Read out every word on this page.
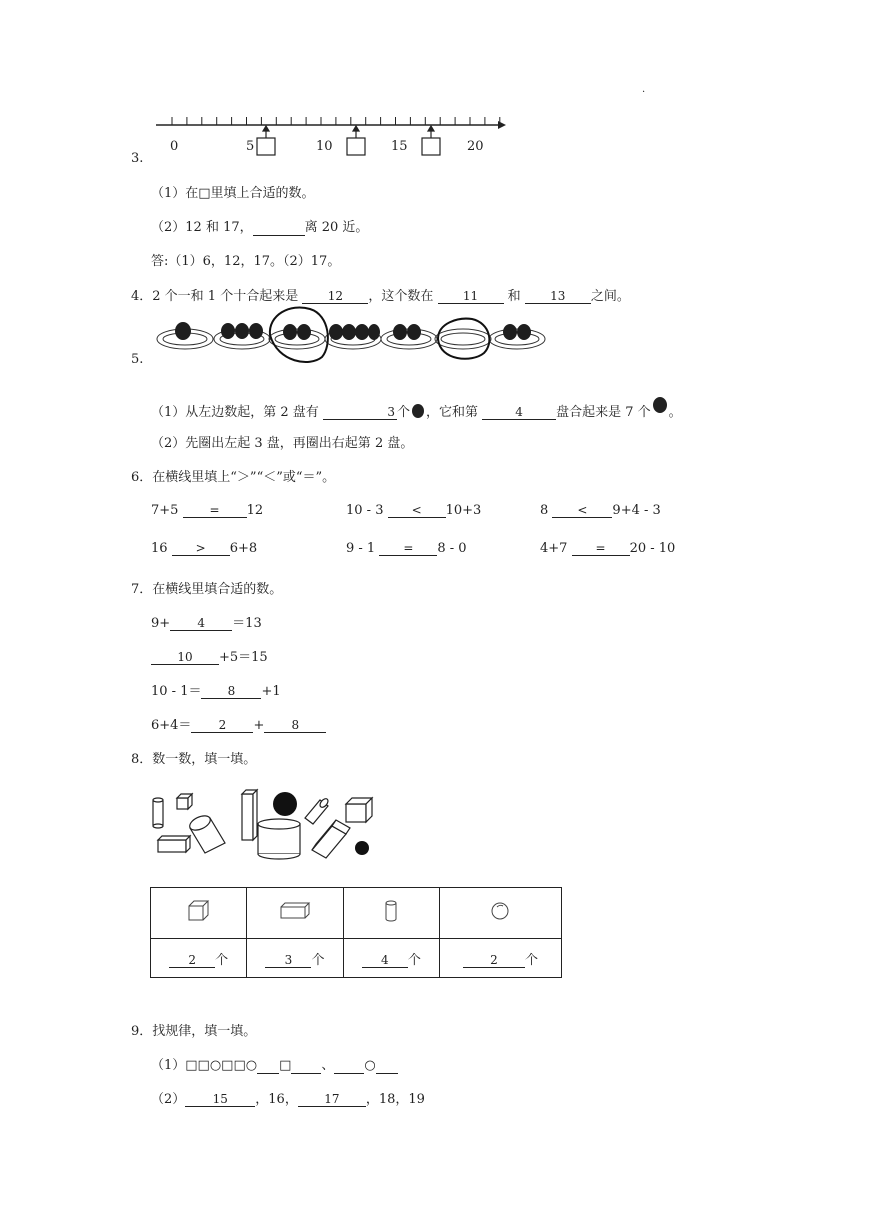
.
0	5	10	15	20
3.
（1）在□里填上合适的数。
（2）12 和 17，	离 20 近。
答:（1）6，12，17。（2）17。
4．2 个一和 1 个十合起来是 12 ，这个数在 11 和 13 之间。
5.
（1）从左边数起，第 2 盘有	3 个 ，它和第	4	盘合起来是 7 个 。
（2）先圈出左起 3 盘，再圈出右起第 2 盘。
6．在横线里填上“＞”“＜”或“＝”。
7+5	= 12	10 - 3 < 10+3	8 < 9+4 - 3
16 > 6+8	9 - 1 = 8 - 0	4+7 = 20 - 10
7．在横线里填合适的数。
9+ 4 ＝13
10 +5＝15
10 - 1＝ 8 +1
6+4＝ 2 + 8
8．数一数，填一填。

2 个	3 个	4 个	2 个
9．找规律，填一填。
（1）□□○□□○ □ 、 ○
（2） 15 ，16， 17 ，18，19
